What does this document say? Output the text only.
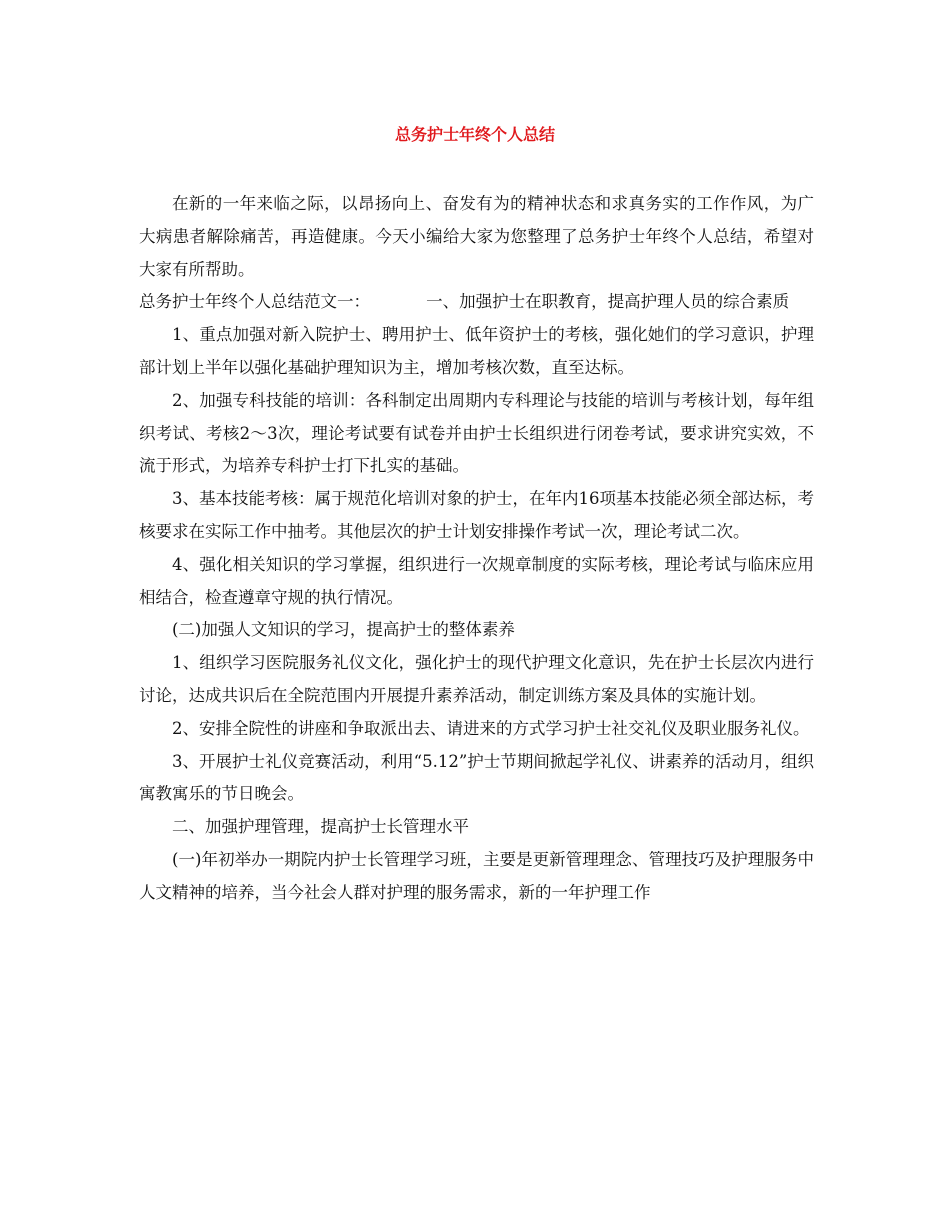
总务护士年终个人总结

在新的一年来临之际，以昂扬向上、奋发有为的精神状态和求真务实的工作作风，为广大病患者解除痛苦，再造健康。今天小编给大家为您整理了总务护士年终个人总结，希望对大家有所帮助。

总务护士年终个人总结范文一：	一、加强护士在职教育，提高护理人员的综合素质

1、重点加强对新入院护士、聘用护士、低年资护士的考核，强化她们的学习意识，护理部计划上半年以强化基础护理知识为主，增加考核次数，直至达标。

2、加强专科技能的培训：各科制定出周期内专科理论与技能的培训与考核计划，每年组织考试、考核2～3次，理论考试要有试卷并由护士长组织进行闭卷考试，要求讲究实效，不流于形式，为培养专科护士打下扎实的基础。

3、基本技能考核：属于规范化培训对象的护士，在年内16项基本技能必须全部达标，考核要求在实际工作中抽考。其他层次的护士计划安排操作考试一次，理论考试二次。

4、强化相关知识的学习掌握，组织进行一次规章制度的实际考核，理论考试与临床应用相结合，检查遵章守规的执行情况。

(二)加强人文知识的学习，提高护士的整体素养

1、组织学习医院服务礼仪文化，强化护士的现代护理文化意识，先在护士长层次内进行讨论，达成共识后在全院范围内开展提升素养活动，制定训练方案及具体的实施计划。

2、安排全院性的讲座和争取派出去、请进来的方式学习护士社交礼仪及职业服务礼仪。

3、开展护士礼仪竞赛活动，利用“5.12”护士节期间掀起学礼仪、讲素养的活动月，组织寓教寓乐的节日晚会。

二、加强护理管理，提高护士长管理水平

(一)年初举办一期院内护士长管理学习班，主要是更新管理理念、管理技巧及护理服务中人文精神的培养，当今社会人群对护理的服务需求，新的一年护理工作
